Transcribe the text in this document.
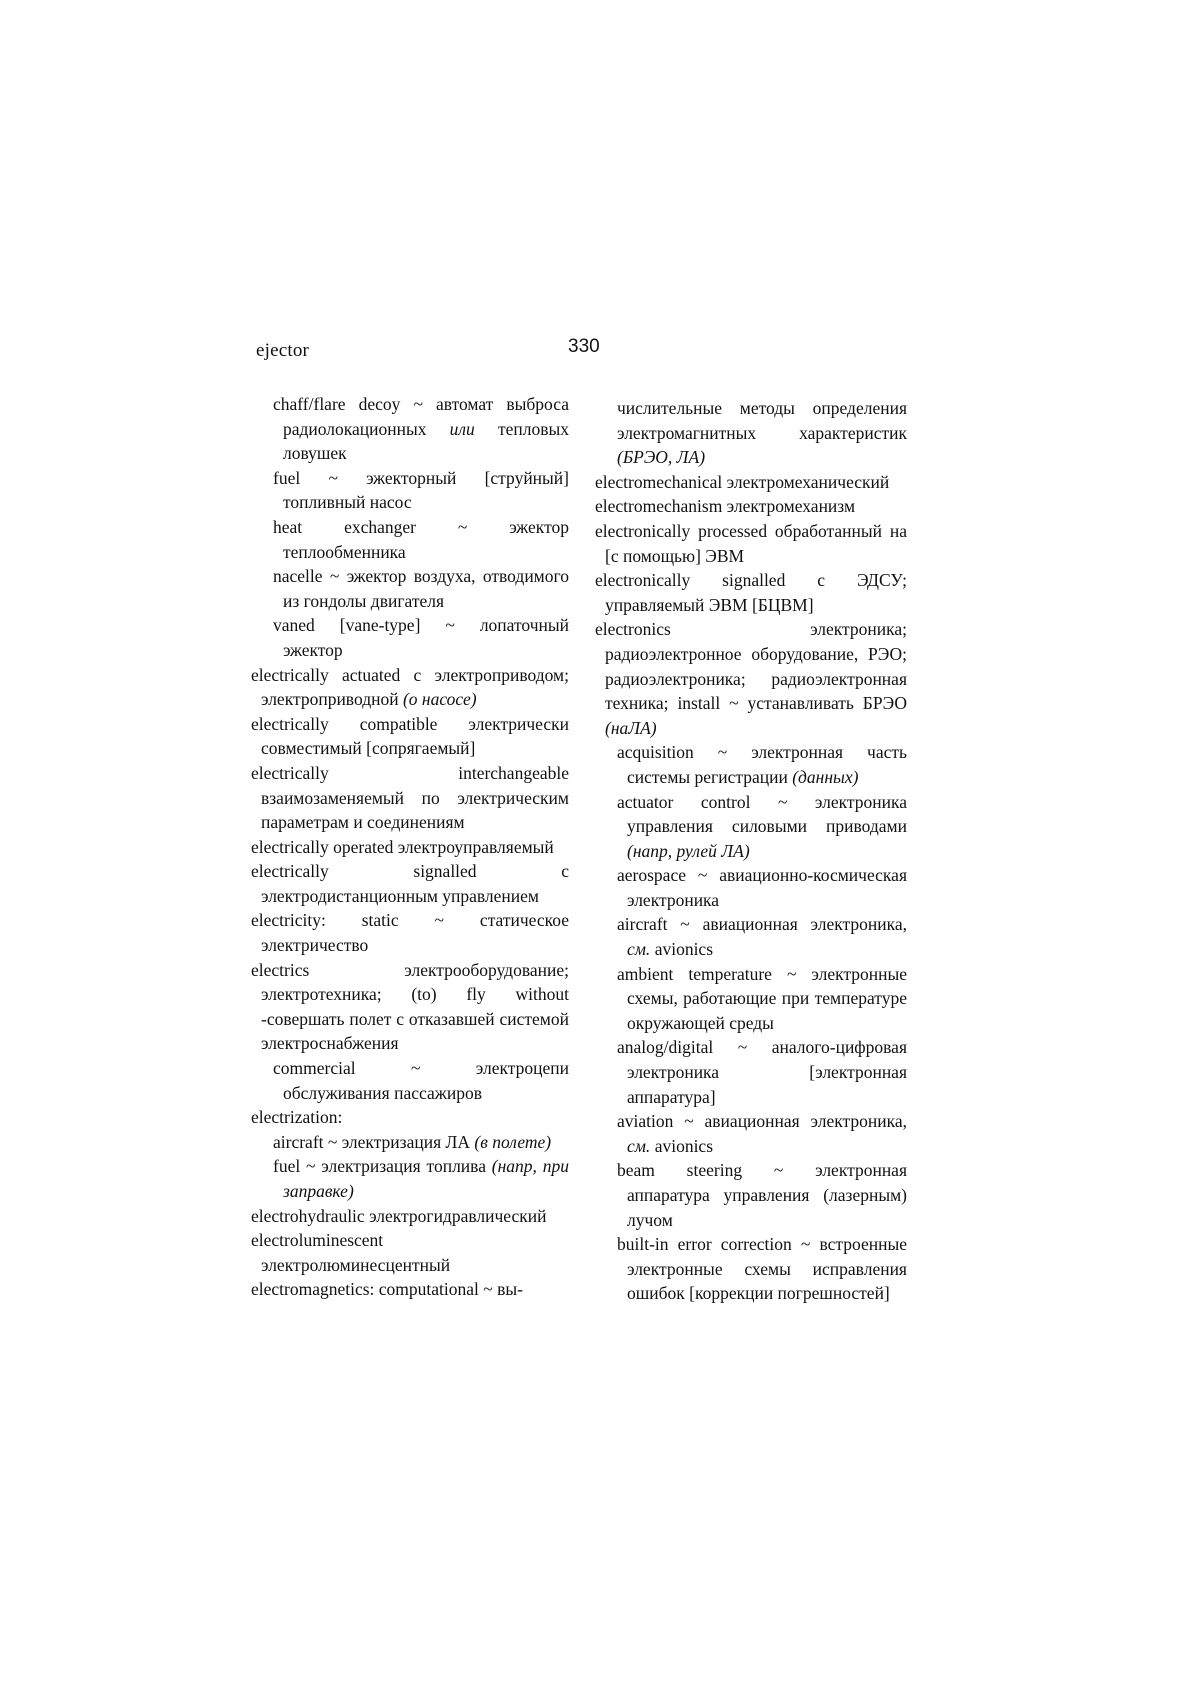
ejector	330

chaff/flare decoy ~ автомат выброса радиолокационных или тепловых ловушек

fuel ~ эжекторный [струйный] топливный насос

heat exchanger ~ эжектор теплообменника

nacelle ~ эжектор воздуха, отводимого из гондолы двигателя

vaned [vane-type] ~ лопаточный эжектор

electrically actuated с электроприводом; электроприводной (о насосе)

electrically compatible электрически совместимый [сопрягаемый]

electrically interchangeable взаимозаменяемый по электрическим параметрам и соединениям

electrically operated электроуправляемый

electrically signalled с электродистанционным управлением

electricity: static ~ статическое электричество

electrics электрооборудование; электротехника; (to) fly without -совершать полет с отказавшей системой электроснабжения

commercial ~ электроцепи обслуживания пассажиров

electrization:

aircraft ~ электризация ЛА (в полете)

fuel ~ электризация топлива (напр, при заправке)

electrohydraulic электрогидравлический

electroluminescent электролюминесцентный

electromagnetics: computational ~ вы-

числительные методы определения электромагнитных характеристик (БРЭО, ЛА)

electromechanical электромеханический

electromechanism электромеханизм

electronically processed обработанный на [с помощью] ЭВМ

electronically signalled с ЭДСУ; управляемый ЭВМ [БЦВМ]

electronics электроника; радиоэлектронное оборудование, РЭО; радиоэлектроника; радиоэлектронная техника; install ~ устанавливать БРЭО (наЛА)

acquisition ~ электронная часть системы регистрации (данных)

actuator control ~ электроника управления силовыми приводами (напр, рулей ЛА)

aerospace ~ авиационно-космическая электроника

aircraft ~ авиационная электроника, см. avionics

ambient temperature ~ электронные схемы, работающие при температуре окружающей среды

analog/digital ~ аналого-цифровая электроника [электронная аппаратура]

aviation ~ авиационная электроника, см. avionics

beam steering ~ электронная аппаратура управления (лазерным) лучом

built-in error correction ~ встроенные электронные схемы исправления ошибок [коррекции погрешностей]
